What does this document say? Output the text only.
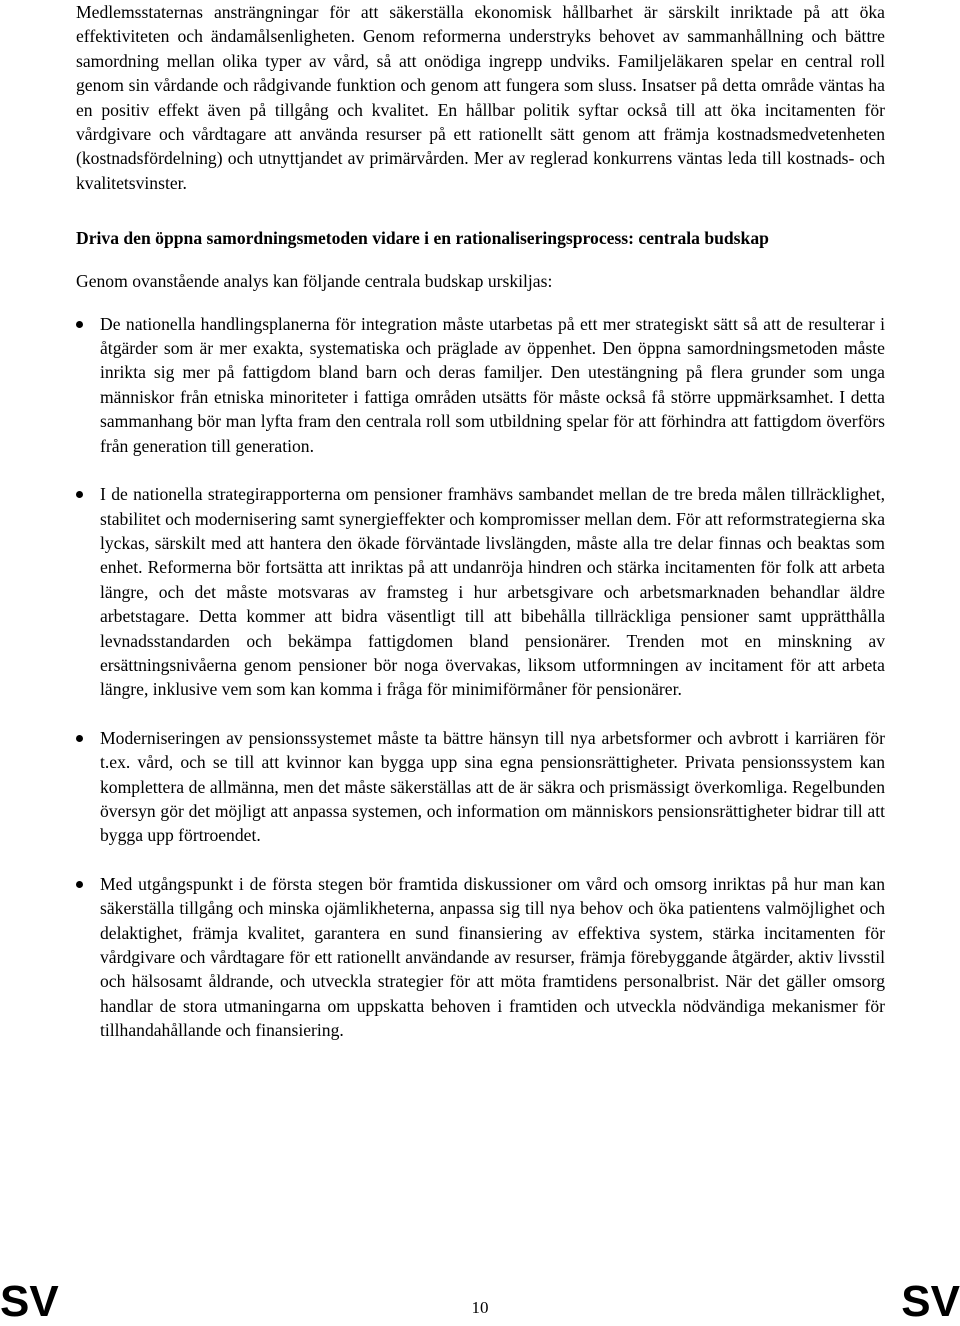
Medlemsstaternas ansträngningar för att säkerställa ekonomisk hållbarhet är särskilt inriktade på att öka effektiviteten och ändamålsenligheten. Genom reformerna understryks behovet av sammanhållning och bättre samordning mellan olika typer av vård, så att onödiga ingrepp undviks. Familjeläkaren spelar en central roll genom sin vårdande och rådgivande funktion och genom att fungera som sluss. Insatser på detta område väntas ha en positiv effekt även på tillgång och kvalitet. En hållbar politik syftar också till att öka incitamenten för vårdgivare och vårdtagare att använda resurser på ett rationellt sätt genom att främja kostnadsmedvetenheten (kostnadsfördelning) och utnyttjandet av primärvården. Mer av reglerad konkurrens väntas leda till kostnads- och kvalitetsvinster.

Driva den öppna samordningsmetoden vidare i en rationaliseringsprocess: centrala budskap

Genom ovanstående analys kan följande centrala budskap urskiljas:

De nationella handlingsplanerna för integration måste utarbetas på ett mer strategiskt sätt så att de resulterar i åtgärder som är mer exakta, systematiska och präglade av öppenhet. Den öppna samordningsmetoden måste inrikta sig mer på fattigdom bland barn och deras familjer. Den utestängning på flera grunder som unga människor från etniska minoriteter i fattiga områden utsätts för måste också få större uppmärksamhet. I detta sammanhang bör man lyfta fram den centrala roll som utbildning spelar för att förhindra att fattigdom överförs från generation till generation.
I de nationella strategirapporterna om pensioner framhävs sambandet mellan de tre breda målen tillräcklighet, stabilitet och modernisering samt synergieffekter och kompromisser mellan dem. För att reformstrategierna ska lyckas, särskilt med att hantera den ökade förväntade livslängden, måste alla tre delar finnas och beaktas som enhet. Reformerna bör fortsätta att inriktas på att undanröja hindren och stärka incitamenten för folk att arbeta längre, och det måste motsvaras av framsteg i hur arbetsgivare och arbetsmarknaden behandlar äldre arbetstagare. Detta kommer att bidra väsentligt till att bibehålla tillräckliga pensioner samt upprätthålla levnadsstandarden och bekämpa fattigdomen bland pensionärer. Trenden mot en minskning av ersättningsnivåerna genom pensioner bör noga övervakas, liksom utformningen av incitament för att arbeta längre, inklusive vem som kan komma i fråga för minimiförmåner för pensionärer.
Moderniseringen av pensionssystemet måste ta bättre hänsyn till nya arbetsformer och avbrott i karriären för t.ex. vård, och se till att kvinnor kan bygga upp sina egna pensionsrättigheter. Privata pensionssystem kan komplettera de allmänna, men det måste säkerställas att de är säkra och prismässigt överkomliga. Regelbunden översyn gör det möjligt att anpassa systemen, och information om människors pensionsrättigheter bidrar till att bygga upp förtroendet.
Med utgångspunkt i de första stegen bör framtida diskussioner om vård och omsorg inriktas på hur man kan säkerställa tillgång och minska ojämlikheterna, anpassa sig till nya behov och öka patientens valmöjlighet och delaktighet, främja kvalitet, garantera en sund finansiering av effektiva system, stärka incitamenten för vårdgivare och vårdtagare för ett rationellt användande av resurser, främja förebyggande åtgärder, aktiv livsstil och hälsosamt åldrande, och utveckla strategier för att möta framtidens personalbrist. När det gäller omsorg handlar de stora utmaningarna om uppskatta behoven i framtiden och utveckla nödvändiga mekanismer för tillhandahållande och finansiering.
SV	10	SV
